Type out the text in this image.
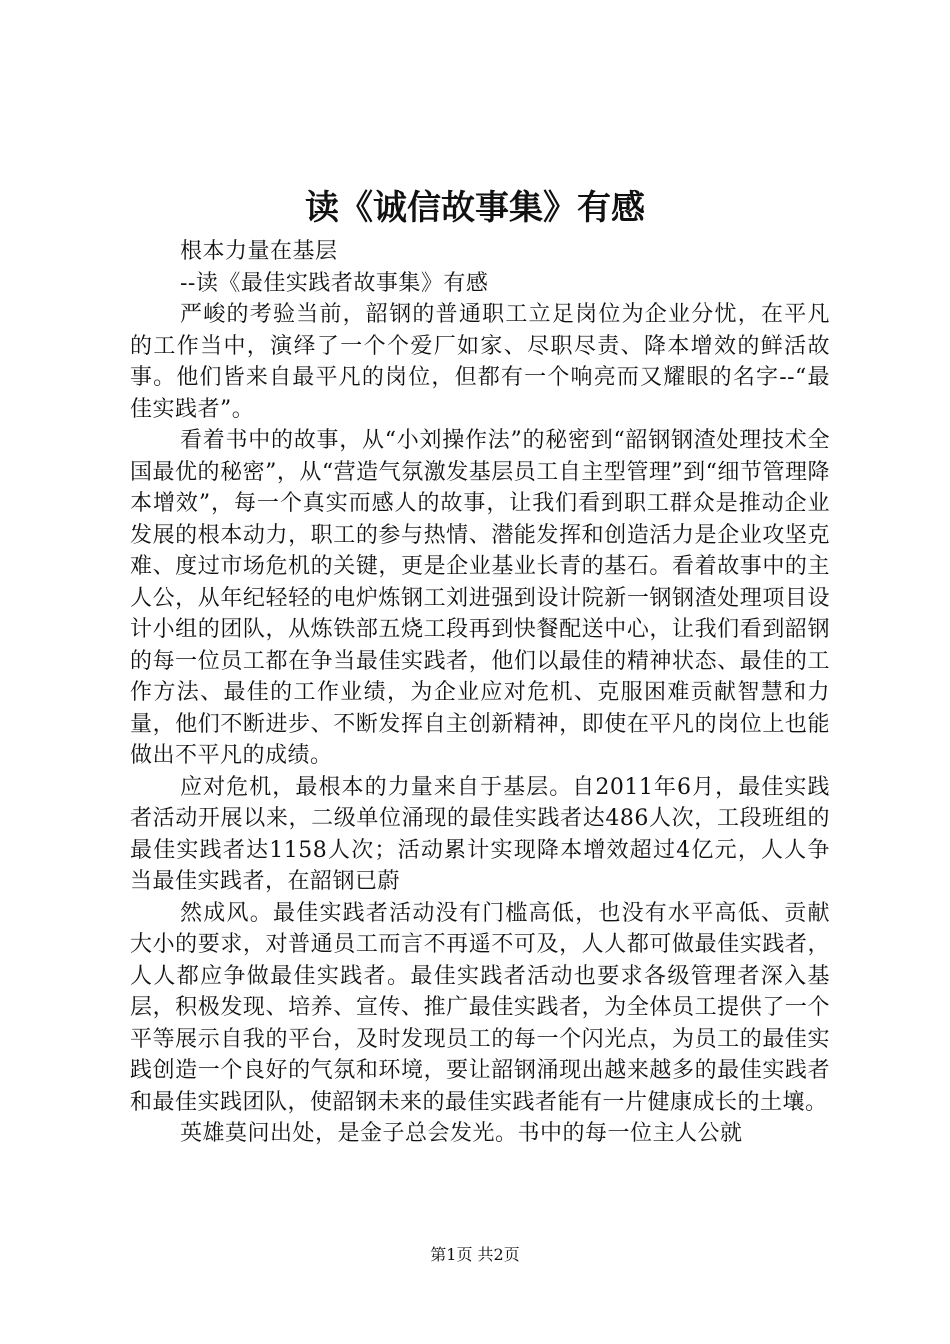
读《诚信故事集》有感

根本力量在基层

--读《最佳实践者故事集》有感

严峻的考验当前，韶钢的普通职工立足岗位为企业分忧，在平凡的工作当中，演绎了一个个爱厂如家、尽职尽责、降本增效的鲜活故事。他们皆来自最平凡的岗位，但都有一个响亮而又耀眼的名字--“最佳实践者”。

看着书中的故事，从“小刘操作法”的秘密到“韶钢钢渣处理技术全国最优的秘密”，从“营造气氛激发基层员工自主型管理”到“细节管理降本增效”，每一个真实而感人的故事，让我们看到职工群众是推动企业发展的根本动力，职工的参与热情、潜能发挥和创造活力是企业攻坚克难、度过市场危机的关键，更是企业基业长青的基石。看着故事中的主人公，从年纪轻轻的电炉炼钢工刘进强到设计院新一钢钢渣处理项目设计小组的团队，从炼铁部五烧工段再到快餐配送中心，让我们看到韶钢的每一位员工都在争当最佳实践者，他们以最佳的精神状态、最佳的工作方法、最佳的工作业绩，为企业应对危机、克服困难贡献智慧和力量，他们不断进步、不断发挥自主创新精神，即使在平凡的岗位上也能做出不平凡的成绩。

应对危机，最根本的力量来自于基层。自2011年6月，最佳实践者活动开展以来，二级单位涌现的最佳实践者达486人次，工段班组的最佳实践者达1158人次；活动累计实现降本增效超过4亿元，人人争当最佳实践者，在韶钢已蔚

然成风。最佳实践者活动没有门槛高低，也没有水平高低、贡献大小的要求，对普通员工而言不再遥不可及，人人都可做最佳实践者，人人都应争做最佳实践者。最佳实践者活动也要求各级管理者深入基层，积极发现、培养、宣传、推广最佳实践者，为全体员工提供了一个平等展示自我的平台，及时发现员工的每一个闪光点，为员工的最佳实践创造一个良好的气氛和环境，要让韶钢涌现出越来越多的最佳实践者和最佳实践团队，使韶钢未来的最佳实践者能有一片健康成长的土壤。

英雄莫问出处，是金子总会发光。书中的每一位主人公就

第1页 共2页
